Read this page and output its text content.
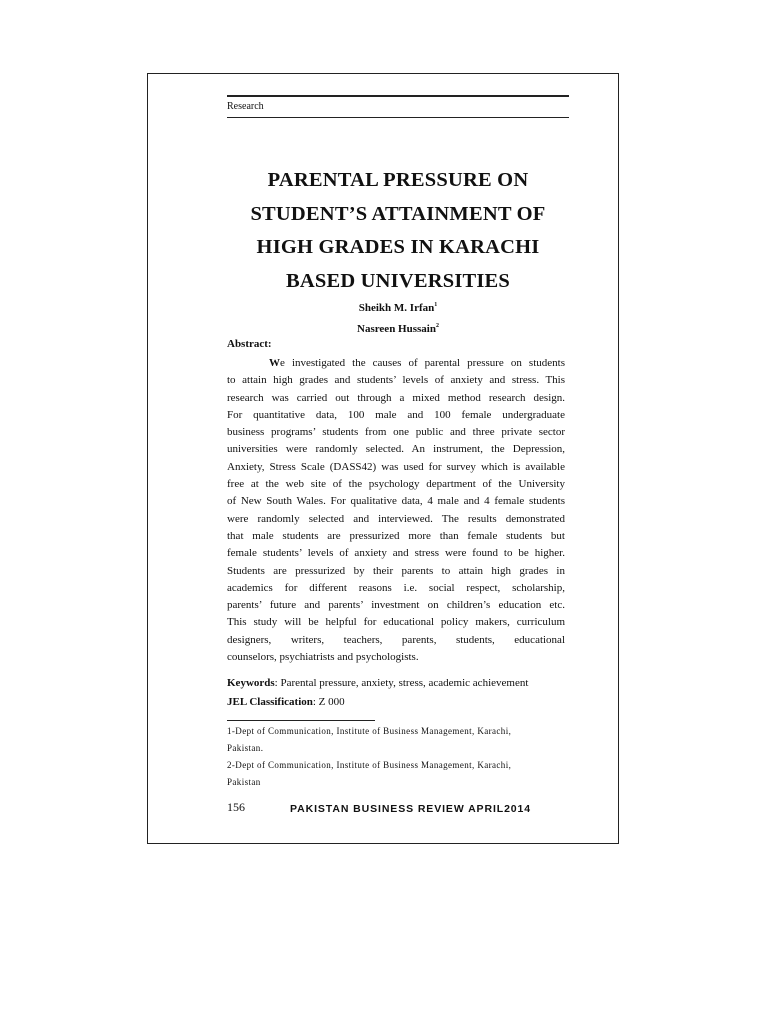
Research
PARENTAL PRESSURE ON
STUDENT’S ATTAINMENT OF
HIGH GRADES IN KARACHI
BASED UNIVERSITIES
Sheikh M. Irfan$^1$
Nasreen Hussain$^2$
Abstract:
We investigated the causes of parental pressure on students
to attain high grades and students’ levels of anxiety and stress. This
research was carried out through a mixed method research design.
For quantitative data, 100 male and 100 female undergraduate
business programs’ students from one public and three private sector
universities were randomly selected. An instrument, the Depression,
Anxiety, Stress Scale (DASS42) was used for survey which is available
free at the web site of the psychology department of the University
of New South Wales. For qualitative data, 4 male and 4 female students
were randomly selected and interviewed. The results demonstrated
that male students are pressurized more than female students but
female students’ levels of anxiety and stress were found to be higher.
Students are pressurized by their parents to attain high grades in
academics for different reasons i.e. social respect, scholarship,
parents’ future and parents’ investment on children’s education etc.
This study will be helpful for educational policy makers, curriculum
designers, writers, teachers, parents, students, educational
counselors, psychiatrists and psychologists.
Keywords: Parental pressure, anxiety, stress, academic achievement
JEL Classification: Z 000
1-Dept of Communication, Institute of Business Management, Karachi,
Pakistan.
2-Dept of Communication, Institute of Business Management, Karachi,
Pakistan
156	PAKISTAN BUSINESS REVIEW APRIL2014
